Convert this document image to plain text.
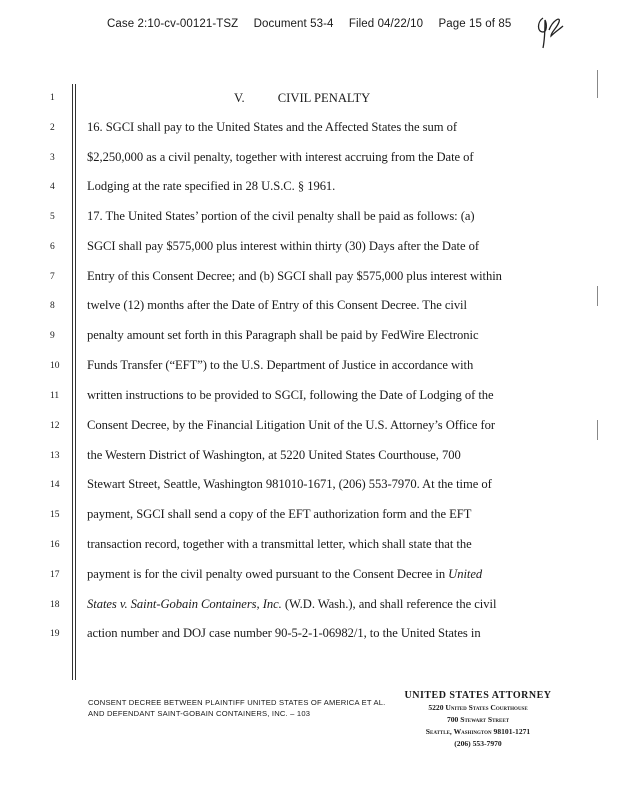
Case 2:10-cv-00121-TSZ Document 53-4 Filed 04/22/10 Page 15 of 85
1
2
3
4
5
6
7
8
9
10
11
12
13
14
15
16
17
18
19
V.	CIVIL PENALTY
16. SGCI shall pay to the United States and the Affected States the sum of
$2,250,000 as a civil penalty, together with interest accruing from the Date of
Lodging at the rate specified in 28 U.S.C. § 1961.
17. The United States’ portion of the civil penalty shall be paid as follows: (a)
SGCI shall pay $575,000 plus interest within thirty (30) Days after the Date of
Entry of this Consent Decree; and (b) SGCI shall pay $575,000 plus interest within
twelve (12) months after the Date of Entry of this Consent Decree. The civil
penalty amount set forth in this Paragraph shall be paid by FedWire Electronic
Funds Transfer (“EFT”) to the U.S. Department of Justice in accordance with
written instructions to be provided to SGCI, following the Date of Lodging of the
Consent Decree, by the Financial Litigation Unit of the U.S. Attorney’s Office for
the Western District of Washington, at 5220 United States Courthouse, 700
Stewart Street, Seattle, Washington 981010-1671, (206) 553-7970. At the time of
payment, SGCI shall send a copy of the EFT authorization form and the EFT
transaction record, together with a transmittal letter, which shall state that the
payment is for the civil penalty owed pursuant to the Consent Decree in United
States v. Saint-Gobain Containers, Inc. (W.D. Wash.), and shall reference the civil
action number and DOJ case number 90-5-2-1-06982/1, to the United States in
CONSENT DECREE BETWEEN PLAINTIFF UNITED STATES OF AMERICA ET AL.
AND DEFENDANT SAINT-GOBAIN CONTAINERS, INC. – 103
UNITED STATES ATTORNEY
5220 United States Courthouse
700 Stewart Street
Seattle, Washington 98101-1271
(206) 553-7970
